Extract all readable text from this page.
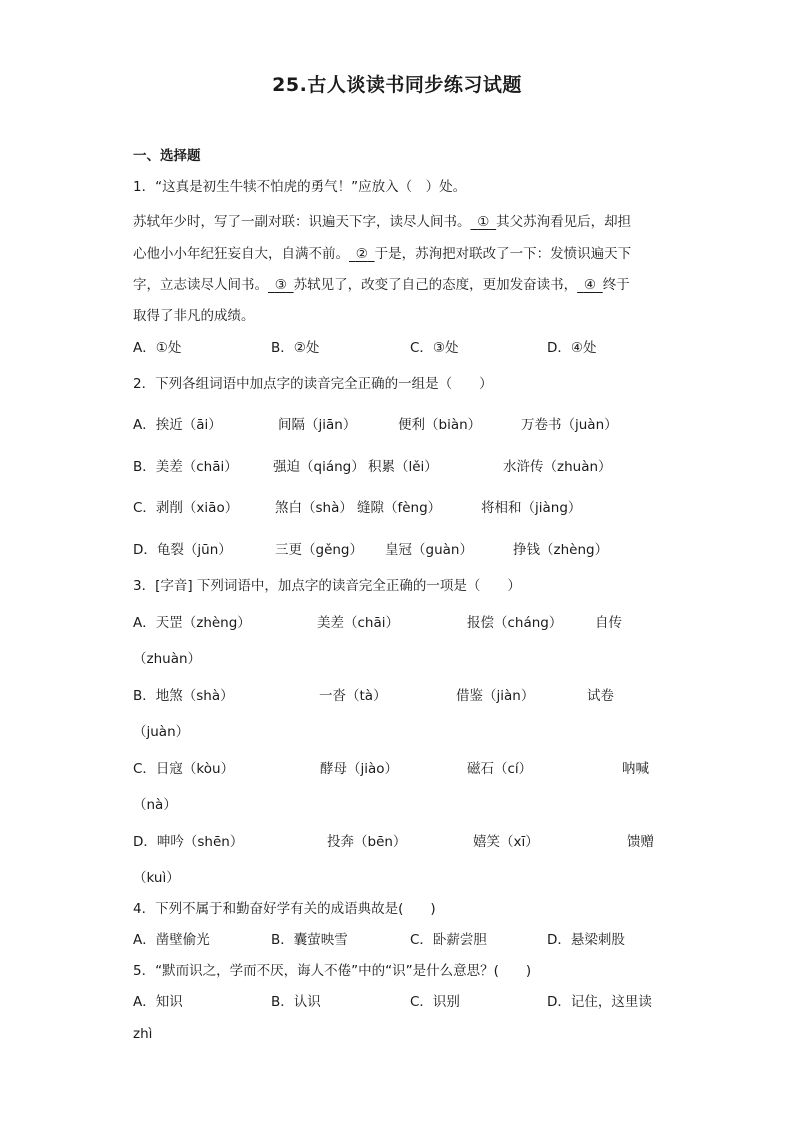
25.古人谈读书同步练习试题
一、选择题
1．“这真是初生牛犊不怕虎的勇气！”应放入（　）处。
苏轼年少时，写了一副对联：识遍天下字，读尽人间书。  ①  其父苏洵看见后，却担
心他小小年纪狂妄自大，自满不前。  ②  于是，苏洵把对联改了一下：发愤识遍天下
字，立志读尽人间书。  ③  苏轼见了，改变了自己的态度，更加发奋读书，  ④  终于
取得了非凡的成绩。
A．①处	B．②处	C．③处	D．④处
2．下列各组词语中加点字的读音完全正确的一组是（　　）
A．挨近（āi）	间隔（jiān）	便利（biàn）	万卷书（juàn）
B．美差（chāi）	强迫（qiáng） 积累（lěi）	水浒传（zhuàn）
C．剥削（xiāo）	煞白（shà） 缝隙（fèng）	将相和（jiàng）
D．龟裂（jūn）	三更（gěng） 皇冠（guàn）	挣钱（zhèng）
3．[字音] 下列词语中，加点字的读音完全正确的一项是（　　）
A．天罡（zhèng）	美差（chāi）	报偿（cháng） 自传
（zhuàn）
B．地煞（shà）	一沓（tà）	借鉴（jiàn）	试卷
（juàn）
C．日寇（kòu）	酵母（jiào）	磁石（cí）	呐喊
（nà）
D．呻吟（shēn）	投奔（bēn）	嬉笑（xī）	馈赠
（kuì）
4．下列不属于和勤奋好学有关的成语典故是(　　)
A．凿壁偷光	B．囊萤映雪	C．卧薪尝胆	D．悬梁刺股
5．“默而识之，学而不厌，诲人不倦”中的“识”是什么意思？(　　)
A．知识	B．认识	C．识别	D．记住，这里读
zhì
